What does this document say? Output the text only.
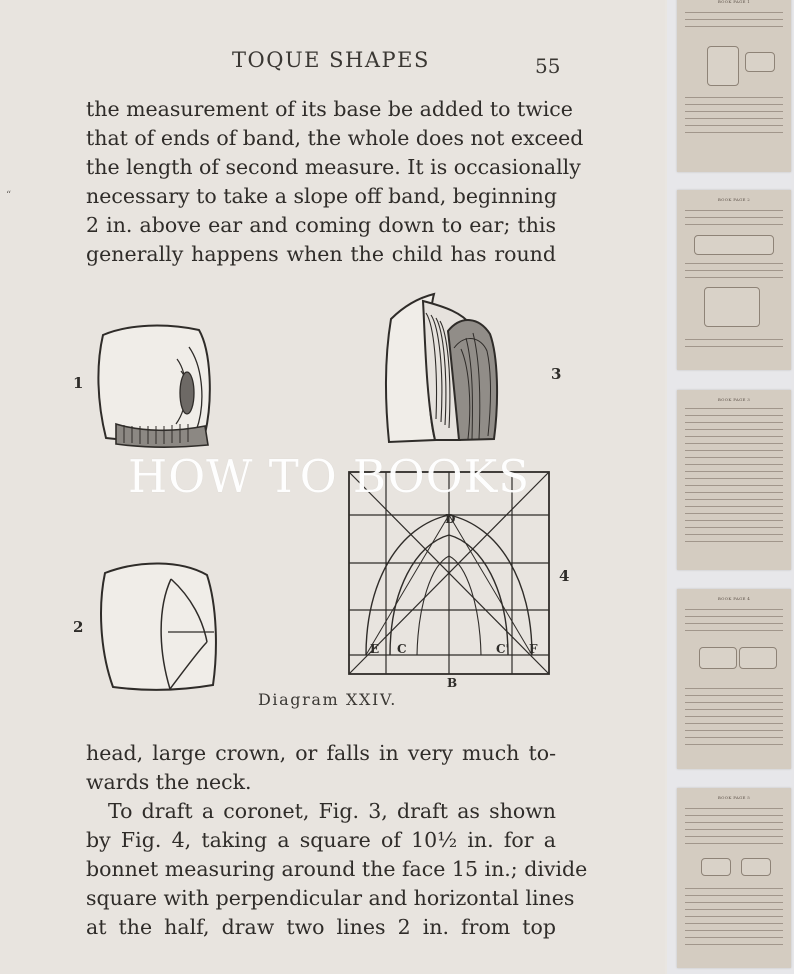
“
TOQUE SHAPES	55
the measurement of its base be added to twice
that of ends of band, the whole does not exceed
the length of second measure. It is occasionally
necessary to take a slope off band, beginning
2 in. above ear and coming down to ear; this
generally happens when the child has round
1
2
3
4
D
E C	C' F
B
Diagram XXIV.
HOW TO BOOKS
head, large crown, or falls in very much to-
wards the neck.
To draft a coronet, Fig. 3, draft as shown
by Fig. 4, taking a square of 10½ in. for a
bonnet measuring around the face 15 in.; divide
square with perpendicular and horizontal lines
at the half, draw two lines 2 in. from top
BOOK PAGE 1
BOOK PAGE 2
BOOK PAGE 3
BOOK PAGE 4
BOOK PAGE 5
